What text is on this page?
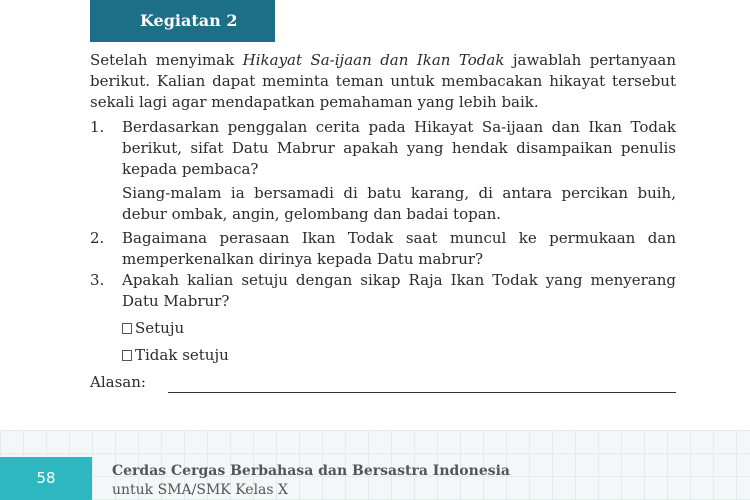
Kegiatan 2

Setelah menyimak Hikayat Sa-ijaan dan Ikan Todak jawablah pertanyaan berikut. Kalian dapat meminta teman untuk membacakan hikayat tersebut sekali lagi agar mendapatkan pemahaman yang lebih baik.

1. Berdasarkan penggalan cerita pada Hikayat Sa-ijaan dan Ikan Todak berikut, sifat Datu Mabrur apakah yang hendak disampaikan penulis kepada pembaca?
Siang-malam ia bersamadi di batu karang, di antara percikan buih, debur ombak, angin, gelombang dan badai topan.
2. Bagaimana perasaan Ikan Todak saat muncul ke permukaan dan memperkenalkan dirinya kepada Datu mabrur?
3. Apakah kalian setuju dengan sikap Raja Ikan Todak yang menyerang Datu Mabrur?
Setuju
Tidak setuju
Alasan:
58	Cerdas Cergas Berbahasa dan Bersastra Indonesia
untuk SMA/SMK Kelas X
